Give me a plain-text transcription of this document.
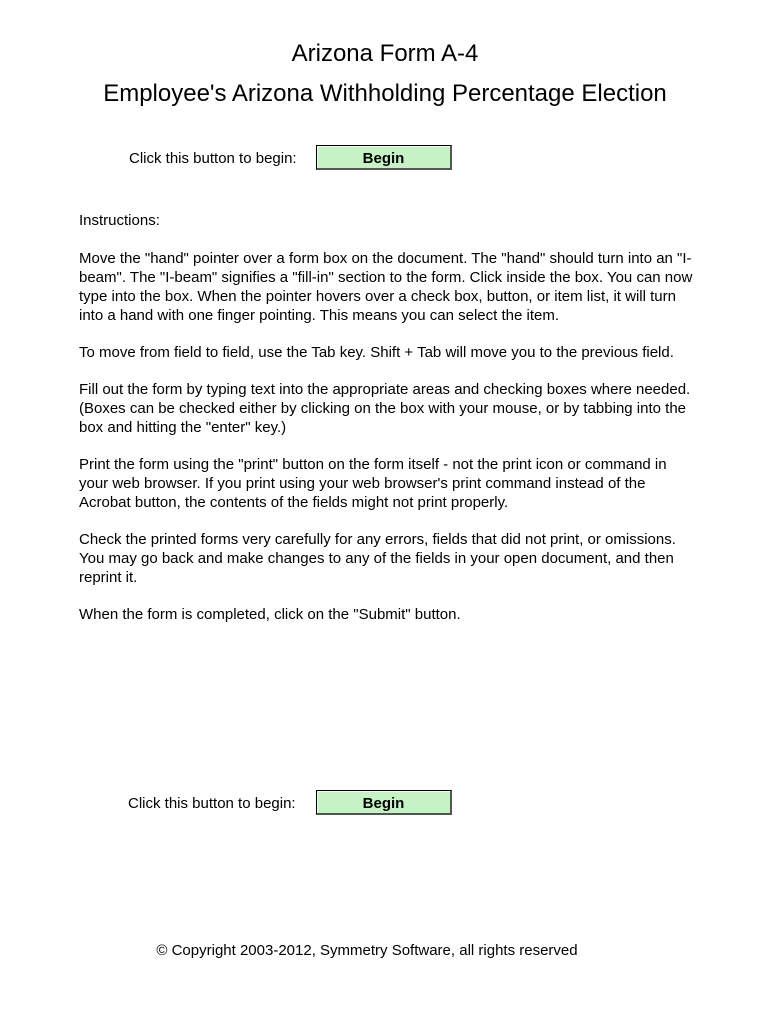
Arizona Form A-4
Employee's Arizona Withholding Percentage Election
Click this button to begin:	Begin

Instructions:

Move the "hand" pointer over a form box on the document. The "hand" should turn into an "I-beam". The "I-beam" signifies a "fill-in" section to the form. Click inside the box. You can now type into the box. When the pointer hovers over a check box, button, or item list, it will turn into a hand with one finger pointing. This means you can select the item.

To move from field to field, use the Tab key. Shift + Tab will move you to the previous field.

Fill out the form by typing text into the appropriate areas and checking boxes where needed. (Boxes can be checked either by clicking on the box with your mouse, or by tabbing into the box and hitting the "enter" key.)

Print the form using the "print" button on the form itself - not the print icon or command in your web browser. If you print using your web browser's print command instead of the Acrobat button, the contents of the fields might not print properly.

Check the printed forms very carefully for any errors, fields that did not print, or omissions. You may go back and make changes to any of the fields in your open document, and then reprint it.

When the form is completed, click on the "Submit" button.

Click this button to begin:	Begin
© Copyright 2003-2012, Symmetry Software, all rights reserved
